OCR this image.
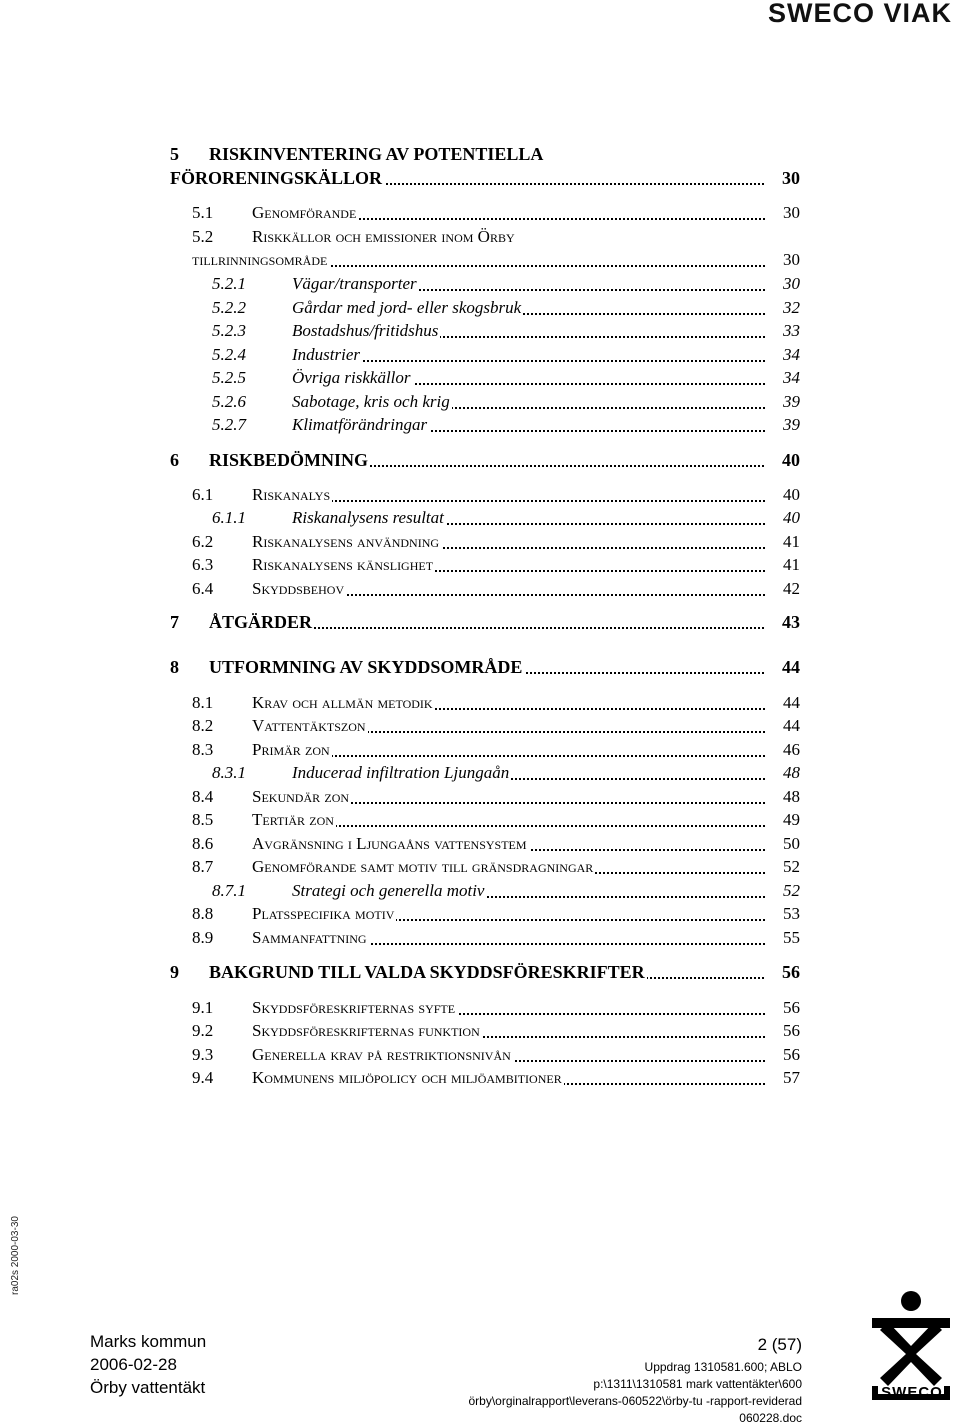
SWECO VIAK
5 RISKINVENTERING AV POTENTIELLA
FÖRORENINGSKÄLLOR	30
5.1 Genomförande	30
5.2 Riskkällor och emissioner inom Örby
tillrinningsområde	30
5.2.1	Vägar/transporter	30
5.2.2	Gårdar med jord- eller skogsbruk	32
5.2.3	Bostadshus/fritidshus	33
5.2.4	Industrier	34
5.2.5	Övriga riskkällor	34
5.2.6	Sabotage, kris och krig	39
5.2.7	Klimatförändringar	39
6 RISKBEDÖMNING	40
6.1 Riskanalys	40
6.1.1	Riskanalysens resultat	40
6.2 Riskanalysens användning	41
6.3 Riskanalysens känslighet	41
6.4 Skyddsbehov	42
7 ÅTGÄRDER	43
8 UTFORMNING AV SKYDDSOMRÅDE	44
8.1 Krav och allmän metodik	44
8.2 Vattentäktszon	44
8.3 Primär zon	46
8.3.1	Inducerad infiltration Ljungaån	48
8.4 Sekundär zon	48
8.5 Tertiär zon	49
8.6 Avgränsning i Ljungaåns vattensystem	50
8.7 Genomförande samt motiv till gränsdragningar	52
8.7.1	Strategi och generella motiv	52
8.8 Platsspecifika motiv	53
8.9 Sammanfattning	55
9 BAKGRUND TILL VALDA SKYDDSFÖRESKRIFTER	56
9.1 Skyddsföreskrifternas syfte	56
9.2 Skyddsföreskrifternas funktion	56
9.3 Generella krav på restriktionsnivån	56
9.4 Kommunens miljöpolicy och miljöambitioner	57
ra02s 2000-03-30
Marks kommun
2006-02-28
Örby vattentäkt
2 (57)
Uppdrag 1310581.600; ABLO
p:\1311\1310581 mark vattentäkter\600
örby\orginalrapport\leverans-060522\örby-tu -rapport-reviderad
060228.doc
SWECO
